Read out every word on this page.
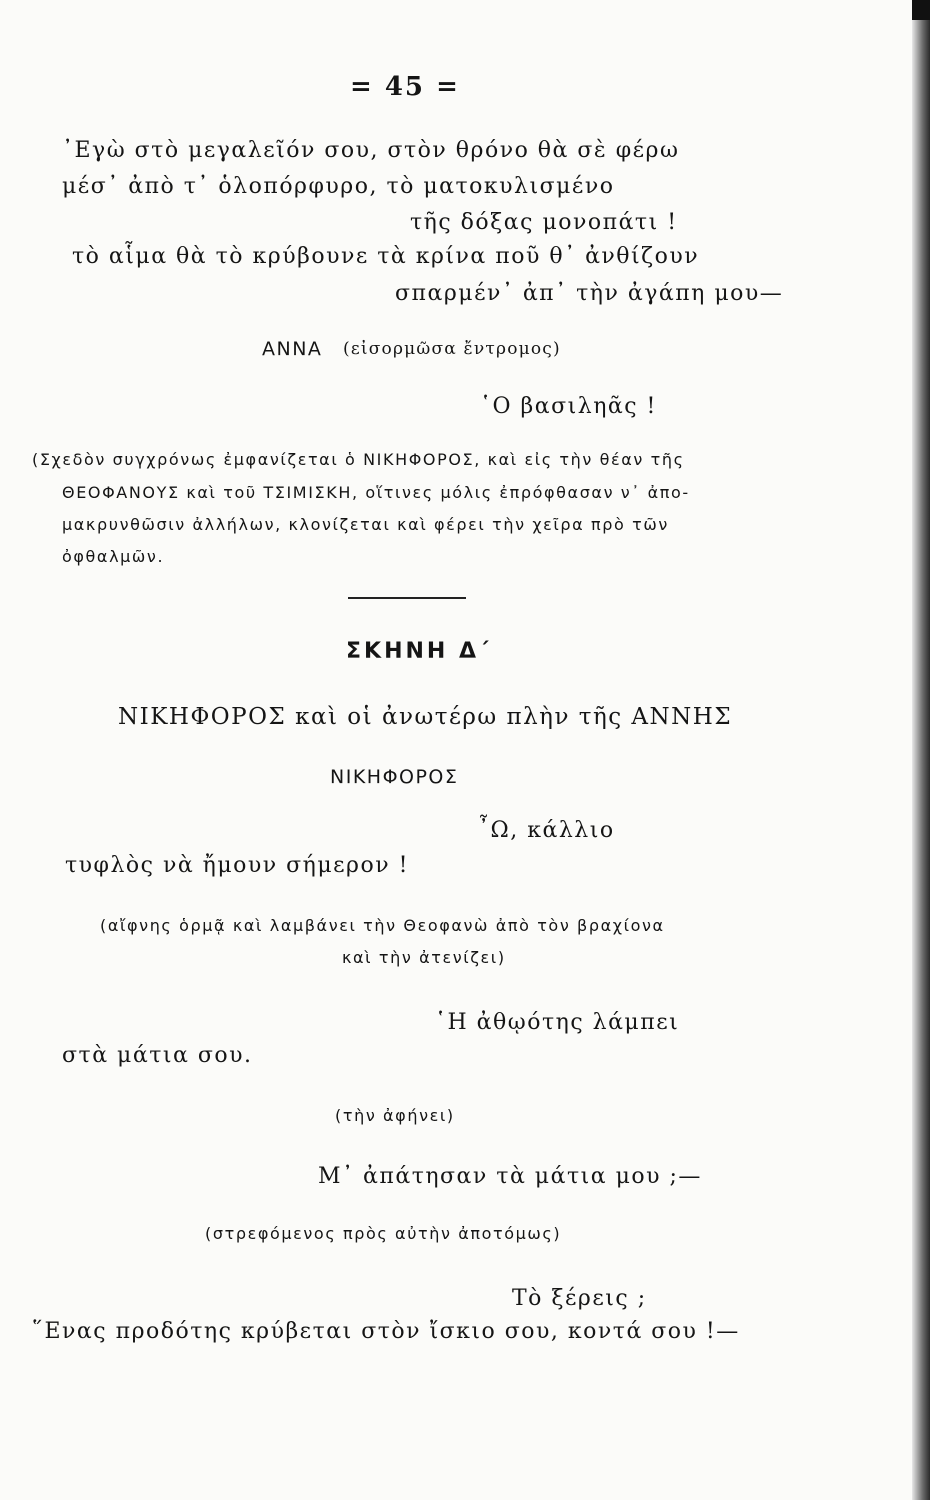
= 45 =
᾽Εγὼ στὸ μεγαλεῖόν σου, στὸν θρόνο θὰ σὲ φέρω
μέσ᾽ ἀπὸ τ᾽ ὁλοπόρφυρο, τὸ ματοκυλισμένο
τῆς δόξας μονοπάτι !
τὸ αἷμα θὰ τὸ κρύβουνε τὰ κρίνα ποῦ θ᾽ ἀνθίζουν
σπαρμέν᾽ ἀπ᾽ τὴν ἀγάπη μου—
ΑΝΝΑ (εἰσορμῶσα ἔντρομος)
῾Ο βασιληᾶς !
(Σχεδὸν συγχρόνως ἐμφανίζεται ὁ ΝΙΚΗΦΟΡΟΣ, καὶ εἰς τὴν θέαν τῆς
ΘΕΟΦΑΝΟΥΣ καὶ τοῦ ΤΣΙΜΙΣΚΗ, οἵτινες μόλις ἐπρόφθασαν ν᾽ ἀπο-
μακρυνθῶσιν ἀλλήλων, κλονίζεται καὶ φέρει τὴν χεῖρα πρὸ τῶν
ὀφθαλμῶν.
ΣΚΗΝΗ Δ΄
ΝΙΚΗΦΟΡΟΣ καὶ οἱ ἀνωτέρω πλὴν τῆς ΑΝΝΗΣ
ΝΙΚΗΦΟΡΟΣ
῏Ω, κάλλιο
τυφλὸς νὰ ἤμουν σήμερον !
(αἴφνης ὁρμᾷ καὶ λαμβάνει τὴν Θεοφανὼ ἀπὸ τὸν βραχίονα
καὶ τὴν ἀτενίζει)
῾Η ἀθῳότης λάμπει
στὰ μάτια σου.
(τὴν ἀφήνει)
Μ᾽ ἀπάτησαν τὰ μάτια μου ;—
(στρεφόμενος πρὸς αὐτὴν ἀποτόμως)
Τὸ ξέρεις ;
῞Ενας προδότης κρύβεται στὸν ἴσκιο σου, κοντά σου !—
